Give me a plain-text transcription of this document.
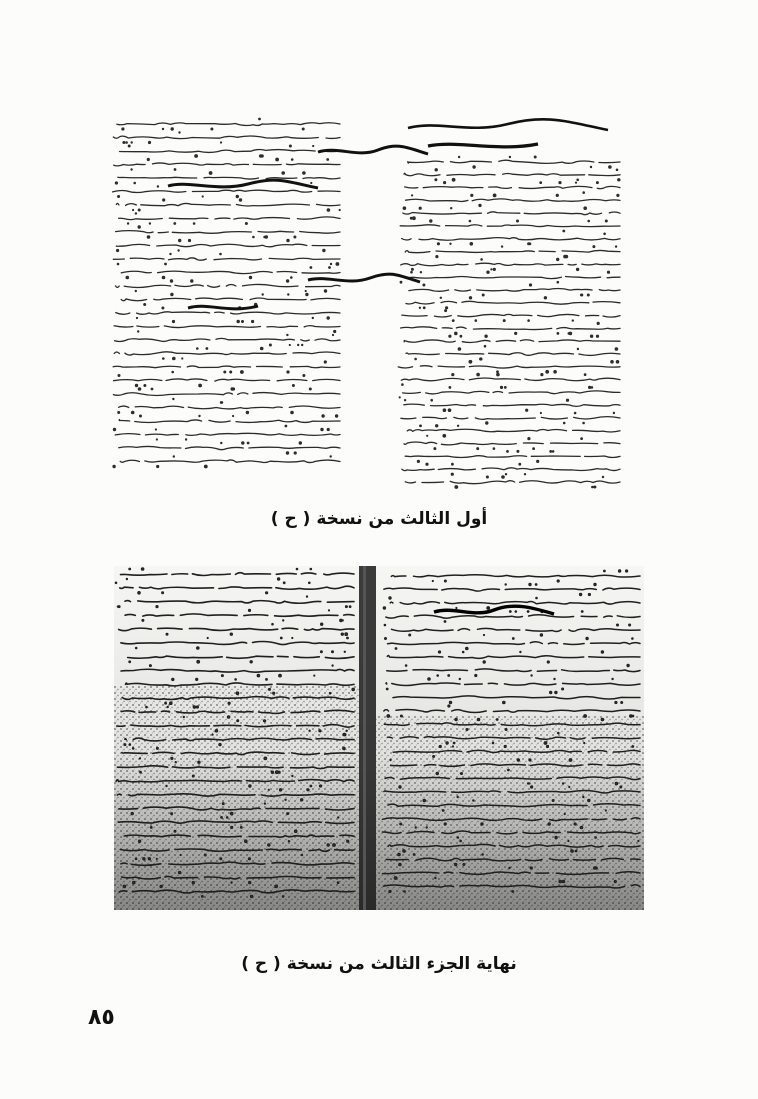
أول الثالث من نسخة ( ح )
نهاية الجزء الثالث من نسخة ( ح )
٨٥
